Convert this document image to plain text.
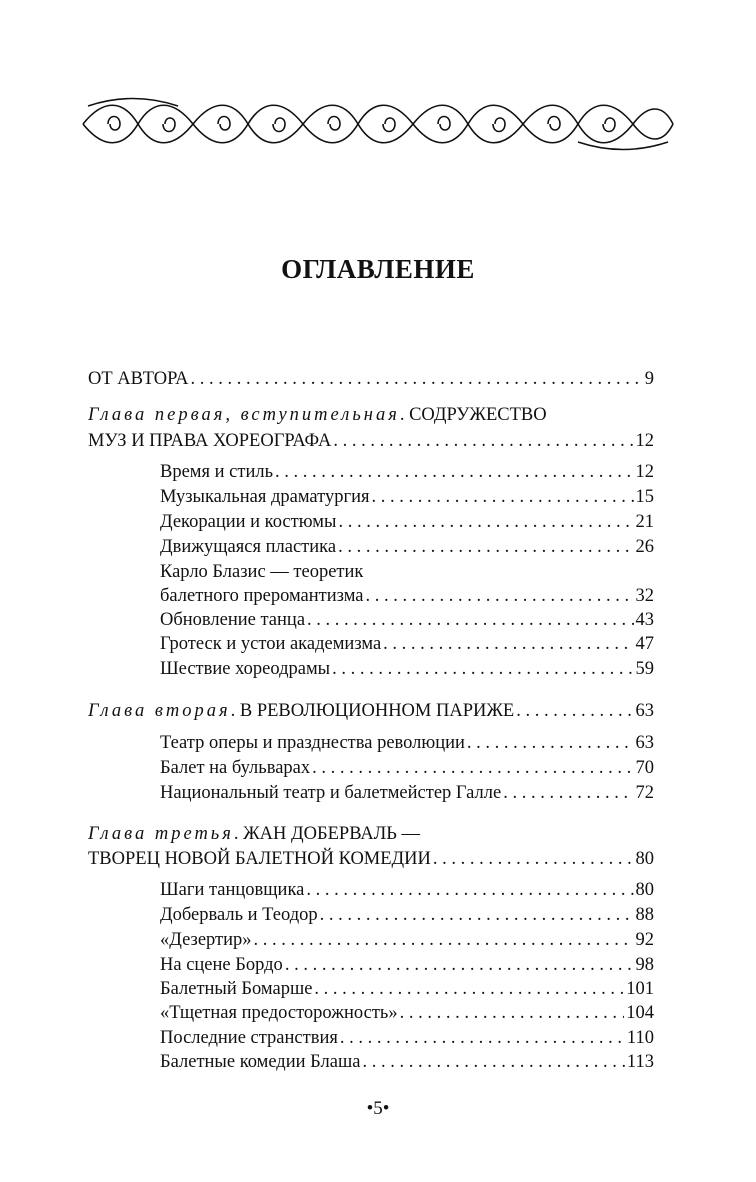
ОГЛАВЛЕНИЕ
ОТ АВТОРА . . .	9
Глава первая, вступительная. СОДРУЖЕСТВО
МУЗ И ПРАВА ХОРЕОГРАФА . . .	12
Время и стиль . . .	12
Музыкальная драматургия . . .	15
Декорации и костюмы . . .	21
Движущаяся пластика . . .	26
Карло Блазис — теоретик
балетного преромантизма . . .	32
Обновление танца . . .	43
Гротеск и устои академизма . . .	47
Шествие хореодрамы . . .	59
Глава вторая. В РЕВОЛЮЦИОННОМ ПАРИЖЕ . . .	63
Театр оперы и празднества революции . . .	63
Балет на бульварах . . .	70
Национальный театр и балетмейстер Галле . . .	72
Глава третья. ЖАН ДОБЕРВАЛЬ —
ТВОРЕЦ НОВОЙ БАЛЕТНОЙ КОМЕДИИ . . .	80
Шаги танцовщика . . .	80
Доберваль и Теодор . . .	88
«Дезертир» . . .	92
На сцене Бордо . . .	98
Балетный Бомарше . . .	101
«Тщетная предосторожность» . . .	104
Последние странствия . . .	110
Балетные комедии Блаша . . .	113
•5•
